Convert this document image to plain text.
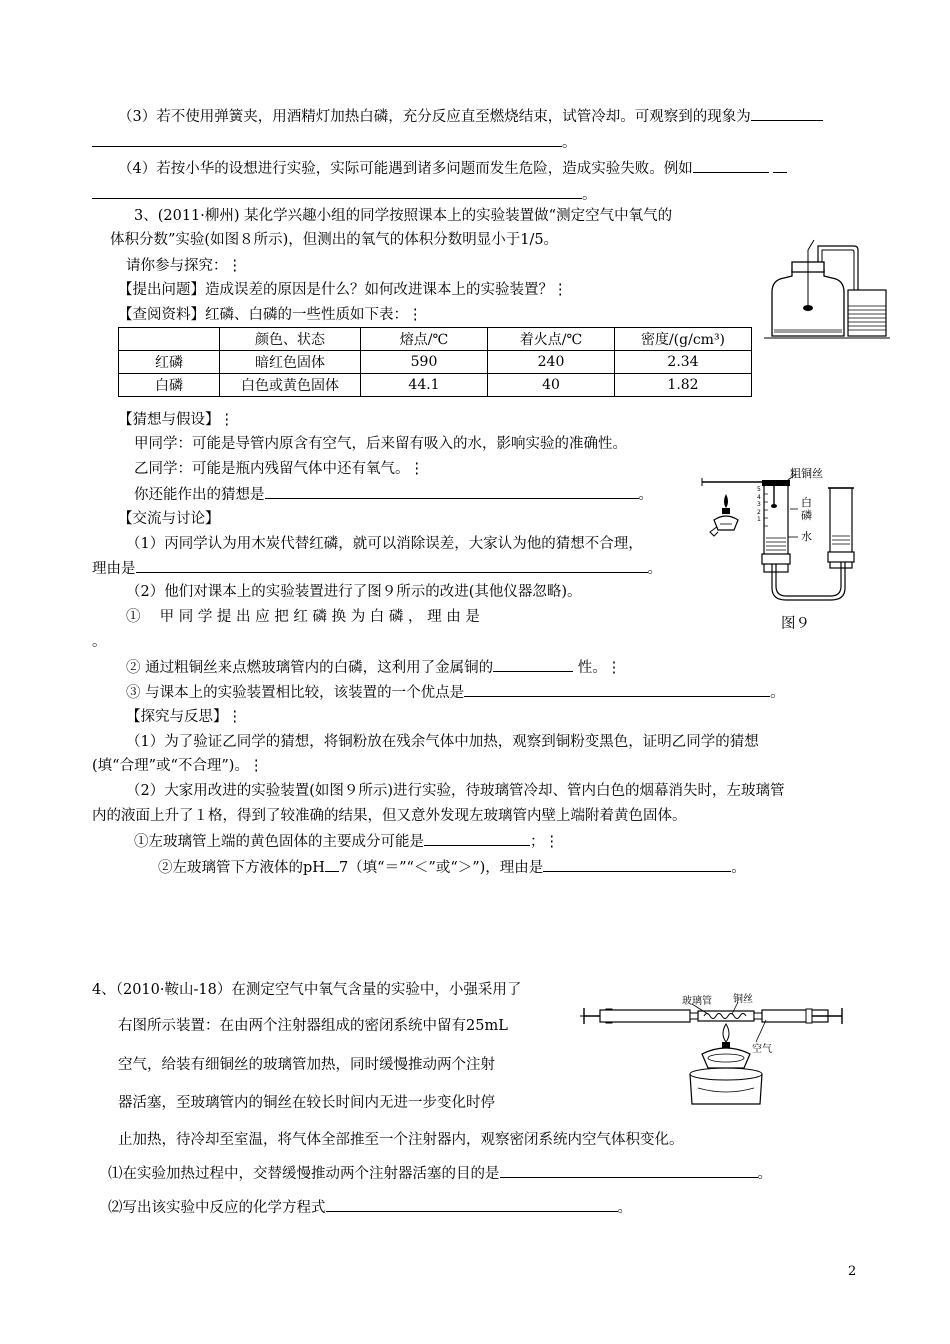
（3）若不使用弹簧夹，用酒精灯加热白磷，充分反应直至燃烧结束，试管冷却。可观察到的现象为
。
（4）若按小华的设想进行实验，实际可能遇到诸多问题而发生危险，造成实验失败。例如
。
3、(2011·柳州) 某化学兴趣小组的同学按照课本上的实验装置做“测定空气中氧气的
体积分数”实验(如图８所示)，但测出的氧气的体积分数明显小于1/5。
请你参与探究：⋮
【提出问题】造成误差的原因是什么？如何改进课本上的实验装置？⋮
【查阅资料】红磷、白磷的一些性质如下表：⋮
	颜色、状态	熔点/℃	着火点/℃	密度/(g/cm³)
红磷	暗红色固体	590	240	2.34
白磷	白色或黄色固体	44.1	40	1.82
【猜想与假设】⋮
甲同学：可能是导管内原含有空气，后来留有吸入的水，影响实验的准确性。
乙同学：可能是瓶内残留气体中还有氧气。⋮
你还能作出的猜想是	。
【交流与讨论】
（1）丙同学认为用木炭代替红磷，就可以消除误差，大家认为他的猜想不合理，
理由是	。
（2）他们对课本上的实验装置进行了图９所示的改进(其他仪器忽略)。
①　 甲 同 学 提 出 应 把 红 磷 换 为 白 磷 ， 理 由 是
。
② 通过粗铜丝来点燃玻璃管内的白磷，这利用了金属铜的	性。⋮
③ 与课本上的实验装置相比较，该装置的一个优点是	。
粗铜丝
白
磷
水
5
4
3
2
1
图９
【探究与反思】⋮
（1）为了验证乙同学的猜想，将铜粉放在残余气体中加热，观察到铜粉变黑色，证明乙同学的猜想
(填“合理”或“不合理”)。⋮
（2）大家用改进的实验装置(如图９所示)进行实验，待玻璃管冷却、管内白色的烟幕消失时，左玻璃管
内的液面上升了１格，得到了较准确的结果，但又意外发现左玻璃管内壁上端附着黄色固体。
①左玻璃管上端的黄色固体的主要成分可能是	；⋮
②左玻璃管下方液体的pH 7（填“＝”“＜”或“＞”)，理由是	。
4、（2010·鞍山-18）在测定空气中氧气含量的实验中，小强采用了
右图所示装置：在由两个注射器组成的密闭系统中留有25mL
空气，给装有细铜丝的玻璃管加热，同时缓慢推动两个注射
器活塞，至玻璃管内的铜丝在较长时间内无进一步变化时停
止加热，待冷却至室温，将气体全部推至一个注射器内，观察密闭系统内空气体积变化。
⑴在实验加热过程中，交替缓慢推动两个注射器活塞的目的是	。
⑵写出该实验中反应的化学方程式	。
玻璃管 铜丝
空气
2
